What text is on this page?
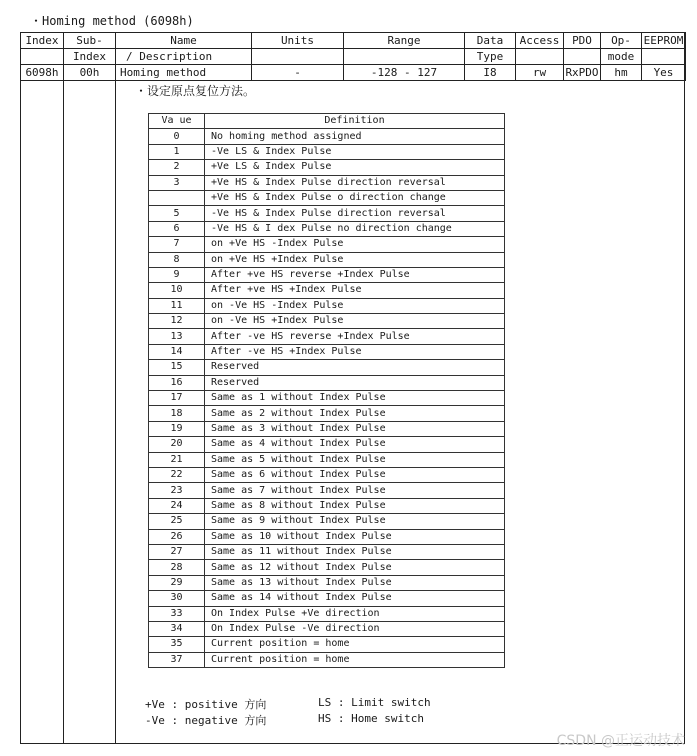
・Homing method (6098h)
Index	Sub-	Name	Units	Range	Data	Access	PDO	Op-	EEPROM
	Index	/ Description			Type			mode	
6098h	00h	Homing method	-	-128 - 127	I8	rw	RxPDO	hm	Yes
・设定原点复位方法。
Va ue	Definition
0	No homing method assigned
1	-Ve LS & Index Pulse
2	+Ve LS & Index Pulse
3	+Ve HS & Index Pulse direction reversal
	+Ve HS & Index Pulse o direction change
5	-Ve HS & Index Pulse direction reversal
6	-Ve HS & I dex Pulse no direction change
7	on +Ve HS -Index Pulse
8	on +Ve HS +Index Pulse
9	After +ve HS reverse +Index Pulse
10	After +ve HS +Index Pulse
11	on -Ve HS -Index Pulse
12	on -Ve HS +Index Pulse
13	After -ve HS reverse +Index Pulse
14	After -ve HS +Index Pulse
15	Reserved
16	Reserved
17	Same as 1 without Index Pulse
18	Same as 2 without Index Pulse
19	Same as 3 without Index Pulse
20	Same as 4 without Index Pulse
21	Same as 5 without Index Pulse
22	Same as 6 without Index Pulse
23	Same as 7 without Index Pulse
24	Same as 8 without Index Pulse
25	Same as 9 without Index Pulse
26	Same as 10 without Index Pulse
27	Same as 11 without Index Pulse
28	Same as 12 without Index Pulse
29	Same as 13 without Index Pulse
30	Same as 14 without Index Pulse
33	On Index Pulse +Ve direction
34	On Index Pulse -Ve direction
35	Current position = home
37	Current position = home
+Ve : positive 方向
-Ve : negative 方向
LS : Limit switch
HS : Home switch
CSDN @正运动技术
